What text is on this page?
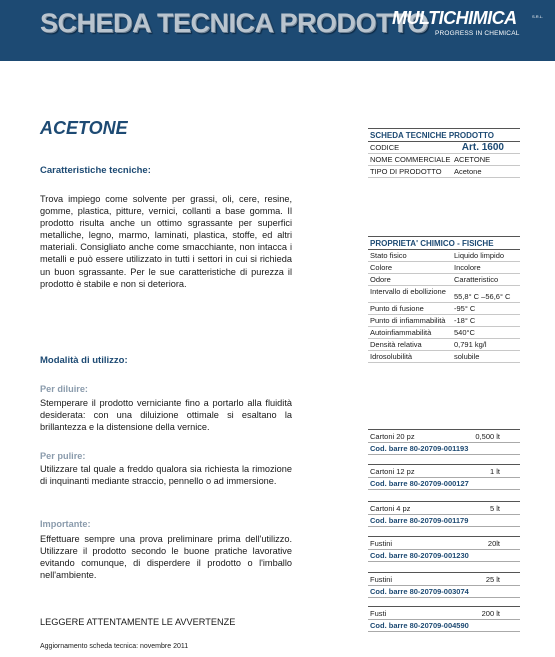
SCHEDA TECNICA PRODOTTO
MULTICHIMICA	S.R.L.
PROGRESS IN CHEMICAL
ACETONE
Caratteristiche tecniche:
Trova impiego come solvente per grassi, oli, cere, resine, gomme, plastica, pitture, vernici, collanti a base gomma. Il prodotto risulta anche un ottimo sgrassante per superfici metalliche, legno, marmo, laminati, plastica, stoffe, ed altri materiali. Consigliato anche come smacchiante, non intacca i metalli e può essere utilizzato in tutti i settori in cui si richieda un buon sgrassante. Per le sue caratteristiche di purezza il prodotto è stabile e non si deteriora.
Modalità di utilizzo:
Per diluire:
Stemperare il prodotto verniciante fino a portarlo alla fluidità desiderata: con una diluizione ottimale si esaltano la brillantezza e la distensione della vernice.
Per pulire:
Utilizzare tal quale a freddo qualora sia richiesta la rimozione di inquinanti mediante straccio, pennello o ad immersione.
Importante:
Effettuare sempre una prova preliminare prima dell'utilizzo. Utilizzare il prodotto secondo le buone pratiche lavorative evitando comunque, di disperdere il prodotto o l'imballo nell'ambiente.
LEGGERE ATTENTAMENTE LE AVVERTENZE
Aggiornamento scheda tecnica: novembre 2011
SCHEDA TECNICHE PRODOTTO
CODICE	Art. 1600
NOME COMMERCIALE ACETONE
TIPO DI PRODOTTO	Acetone
PROPRIETA' CHIMICO - FISICHE
Stato fisico	Liquido limpido
Colore	Incolore
Odore	Caratteristico
Intervallo di ebollizione
55,8° C –56,6° C
Punto di fusione	-95° C
Punto di infiammabilità	-18° C
Autoinfiammabilità	540°C
Densità relativa	0,791 kg/l
Idrosolubilità	solubile
Cartoni 20 pz	0,500 lt
Cod. barre 80-20709-001193
Cartoni 12 pz	1 lt
Cod. barre 80-20709-000127
Cartoni 4 pz	5 lt
Cod. barre 80-20709-001179
Fustini	20lt
Cod. barre 80-20709-001230
Fustini	25 lt
Cod. barre 80-20709-003074
Fusti	200 lt
Cod. barre 80-20709-004590
